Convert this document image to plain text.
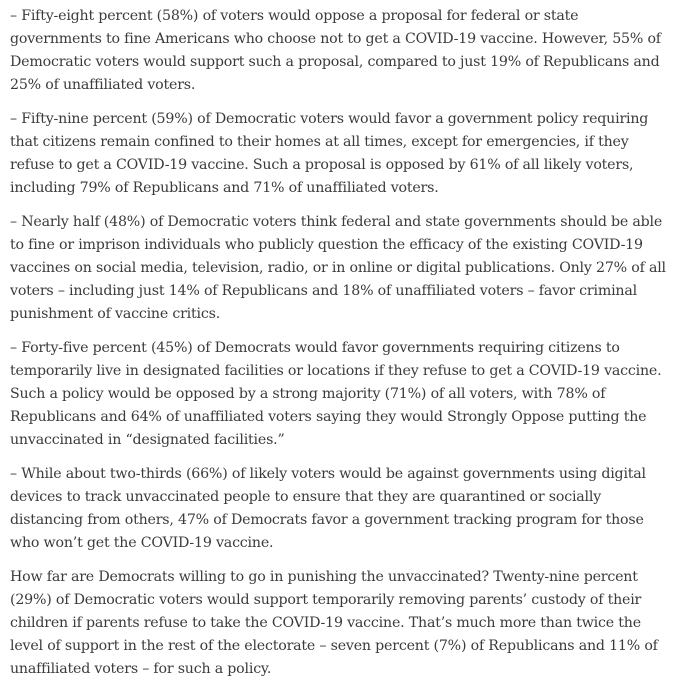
– Fifty-eight percent (58%) of voters would oppose a proposal for federal or state governments to fine Americans who choose not to get a COVID-19 vaccine. However, 55% of Democratic voters would support such a proposal, compared to just 19% of Republicans and 25% of unaffiliated voters.

– Fifty-nine percent (59%) of Democratic voters would favor a government policy requiring that citizens remain confined to their homes at all times, except for emergencies, if they refuse to get a COVID-19 vaccine. Such a proposal is opposed by 61% of all likely voters, including 79% of Republicans and 71% of unaffiliated voters.

– Nearly half (48%) of Democratic voters think federal and state governments should be able to fine or imprison individuals who publicly question the efficacy of the existing COVID-19 vaccines on social media, television, radio, or in online or digital publications. Only 27% of all voters – including just 14% of Republicans and 18% of unaffiliated voters – favor criminal punishment of vaccine critics.

– Forty-five percent (45%) of Democrats would favor governments requiring citizens to temporarily live in designated facilities or locations if they refuse to get a COVID-19 vaccine. Such a policy would be opposed by a strong majority (71%) of all voters, with 78% of Republicans and 64% of unaffiliated voters saying they would Strongly Oppose putting the unvaccinated in “designated facilities.”

– While about two-thirds (66%) of likely voters would be against governments using digital devices to track unvaccinated people to ensure that they are quarantined or socially distancing from others, 47% of Democrats favor a government tracking program for those who won’t get the COVID-19 vaccine.

How far are Democrats willing to go in punishing the unvaccinated? Twenty-nine percent (29%) of Democratic voters would support temporarily removing parents’ custody of their children if parents refuse to take the COVID-19 vaccine. That’s much more than twice the level of support in the rest of the electorate – seven percent (7%) of Republicans and 11% of unaffiliated voters – for such a policy.
